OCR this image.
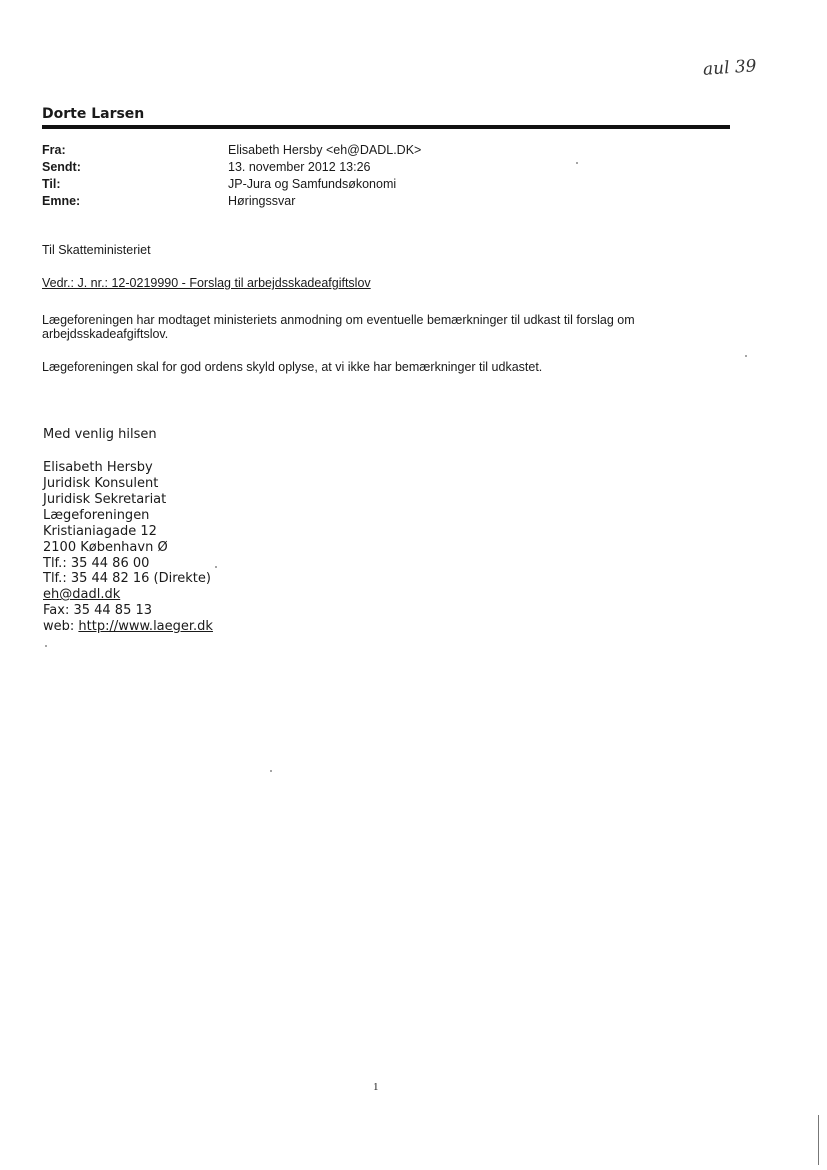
aul 39
Dorte Larsen
Fra:	Elisabeth Hersby <eh@DADL.DK>
Sendt:	13. november 2012 13:26
Til:	JP-Jura og Samfundsøkonomi
Emne:	Høringssvar
Til Skatteministeriet
Vedr.: J. nr.: 12-0219990 - Forslag til arbejdsskadeafgiftslov
Lægeforeningen har modtaget ministeriets anmodning om eventuelle bemærkninger til udkast til forslag om
arbejdsskadeafgiftslov.
Lægeforeningen skal for god ordens skyld oplyse, at vi ikke har bemærkninger til udkastet.
Med venlig hilsen
Elisabeth Hersby
Juridisk Konsulent
Juridisk Sekretariat
Lægeforeningen
Kristianiagade 12
2100 København Ø
Tlf.: 35 44 86 00
Tlf.: 35 44 82 16 (Direkte)
eh@dadl.dk
Fax: 35 44 85 13
web: http://www.laeger.dk
1
